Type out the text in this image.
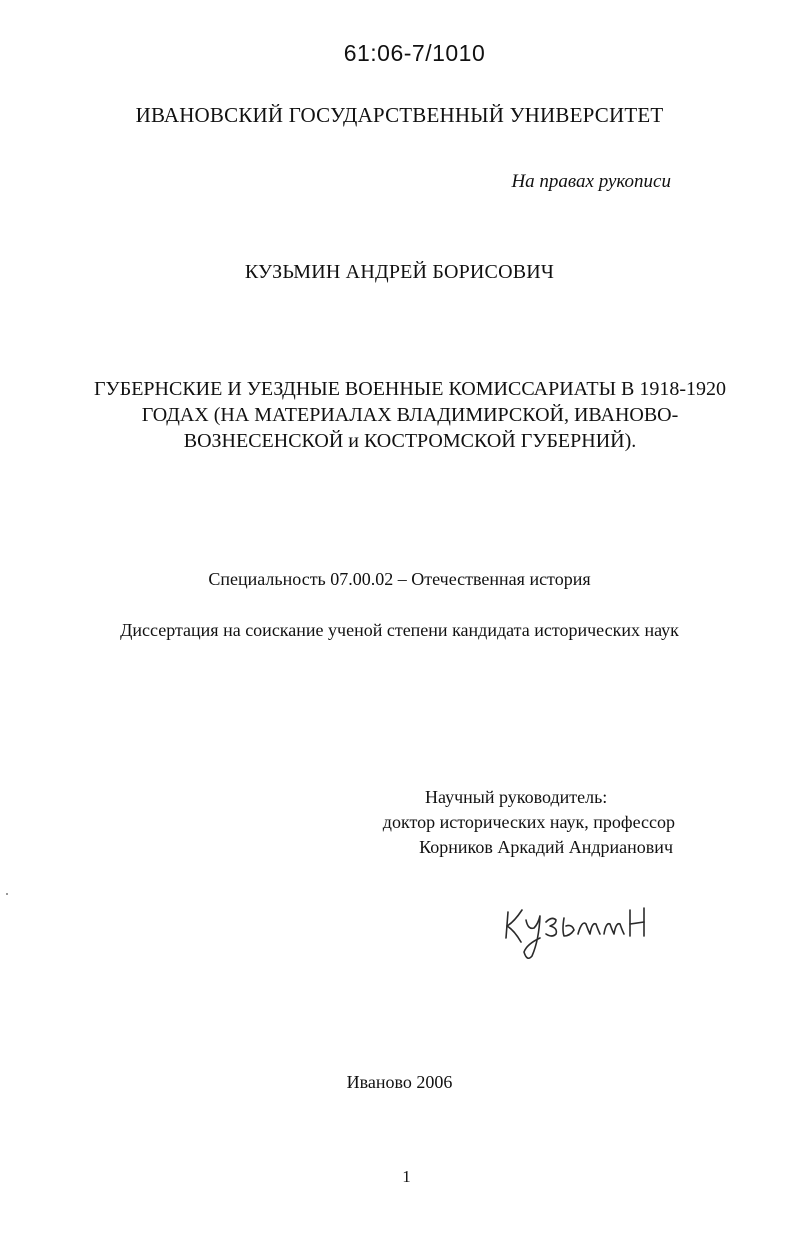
61:06-7/1010
ИВАНОВСКИЙ ГОСУДАРСТВЕННЫЙ УНИВЕРСИТЕТ
На правах рукописи
КУЗЬМИН АНДРЕЙ БОРИСОВИЧ
ГУБЕРНСКИЕ И УЕЗДНЫЕ ВОЕННЫЕ КОМИССАРИАТЫ В 1918-1920
ГОДАХ (НА МАТЕРИАЛАХ ВЛАДИМИРСКОЙ, ИВАНОВО-
ВОЗНЕСЕНСКОЙ и КОСТРОМСКОЙ ГУБЕРНИЙ).
Специальность 07.00.02 – Отечественная история
Диссертация на соискание ученой степени кандидата исторических наук
Научный руководитель:
доктор исторических наук, профессор
Корников Аркадий Андрианович
Иваново 2006
1
